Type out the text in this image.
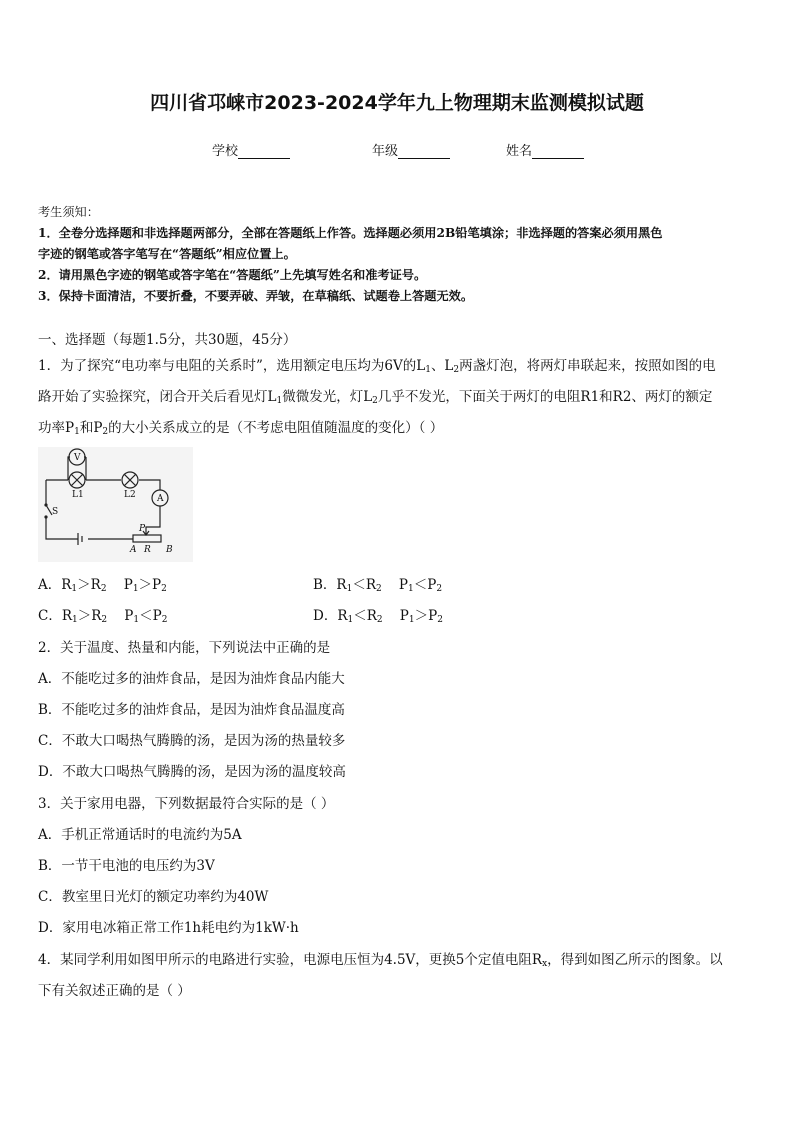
四川省邛崃市2023-2024学年九上物理期末监测模拟试题
学校	年级	姓名
考生须知：
1．全卷分选择题和非选择题两部分，全部在答题纸上作答。选择题必须用2B铅笔填涂；非选择题的答案必须用黑色
字迹的钢笔或答字笔写在“答题纸”相应位置上。
2．请用黑色字迹的钢笔或答字笔在“答题纸”上先填写姓名和准考证号。
3．保持卡面清洁，不要折叠，不要弄破、弄皱，在草稿纸、试题卷上答题无效。
一、选择题（每题1.5分，共30题，45分）
1．为了探究“电功率与电阻的关系时”，选用额定电压均为6V的$L_1$、$L_2$两盏灯泡，将两灯串联起来，按照如图的电
路开始了实验探究，闭合开关后看见灯$L_1$微微发光，灯$L_2$几乎不发光，下面关于两灯的电阻R1和R2、两灯的额定
功率$P_1$和$P_2$的大小关系成立的是（不考虑电阻值随温度的变化）（ ）
V
L1	L2 A
S
P
A R B
A．$R_1>R_2$    $P_1>P_2$	B．$R_1<R_2$    $P_1<P_2$
C．$R_1>R_2$    $P_1<P_2$	D．$R_1<R_2$    $P_1>P_2$
2．关于温度、热量和内能，下列说法中正确的是
A．不能吃过多的油炸食品，是因为油炸食品内能大
B．不能吃过多的油炸食品，是因为油炸食品温度高
C．不敢大口喝热气腾腾的汤，是因为汤的热量较多
D．不敢大口喝热气腾腾的汤，是因为汤的温度较高
3．关于家用电器，下列数据最符合实际的是（ ）
A．手机正常通话时的电流约为5A
B．一节干电池的电压约为3V
C．教室里日光灯的额定功率约为40W
D．家用电冰箱正常工作1h耗电约为1kW·h
4．某同学利用如图甲所示的电路进行实验，电源电压恒为4.5V，更换5个定值电阻$R_x$，得到如图乙所示的图象。以
下有关叙述正确的是（ ）
